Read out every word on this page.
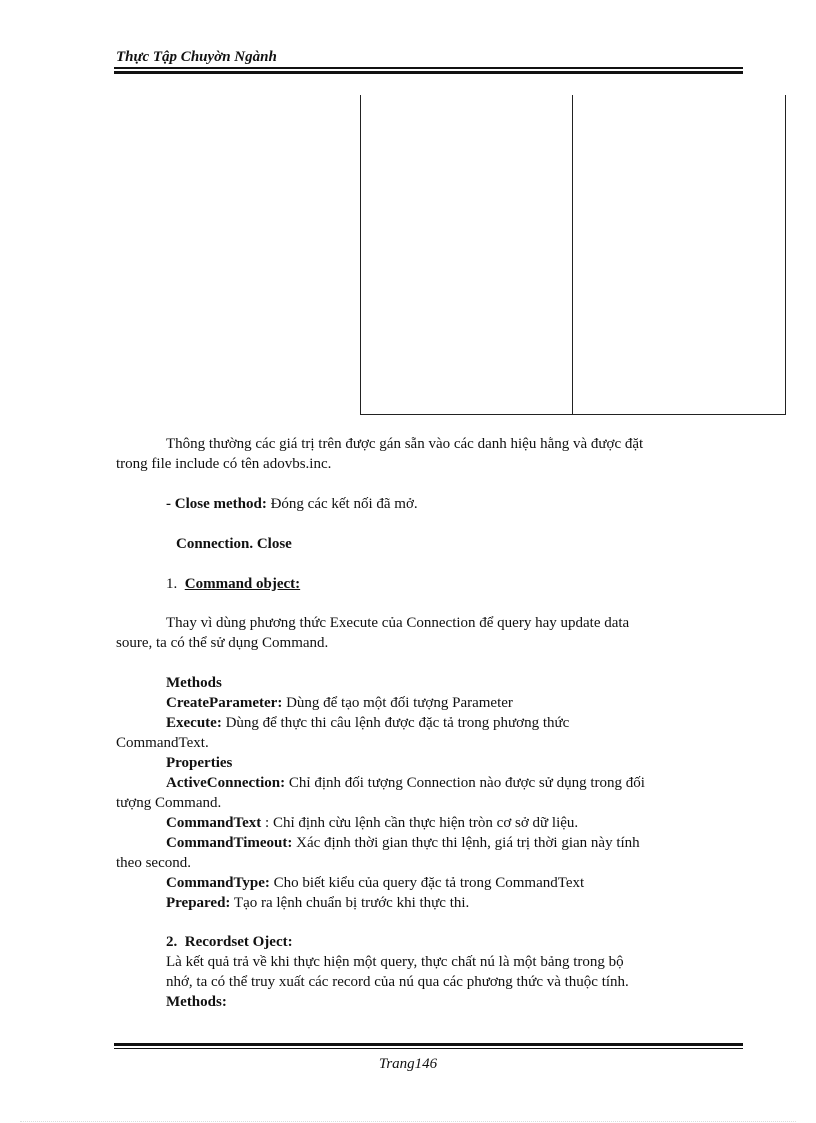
Thực Tập Chuyờn Ngành
Thông thường các giá trị trên được gán sẵn vào các danh hiệu hằng và được đặt
trong file include có tên adovbs.inc.
- Close method: Đóng các kết nối đã mở.
Connection. Close
1. Command object:
Thay vì dùng phương thức Execute của Connection để query hay update data
soure, ta có thể sử dụng Command.
Methods
CreateParameter: Dùng để tạo một đối tượng Parameter
Execute: Dùng để thực thi câu lệnh được đặc tả trong phương thức
CommandText.
Properties
ActiveConnection: Chỉ định đối tượng Connection nào được sử dụng trong đối
tượng Command.
CommandText : Chỉ định cừu lệnh cần thực hiện tròn cơ sở dữ liệu.
CommandTimeout: Xác định thời gian thực thi lệnh, giá trị thời gian này tính
theo second.
CommandType: Cho biết kiểu của query đặc tả trong CommandText
Prepared: Tạo ra lệnh chuẩn bị trước khi thực thi.
2. Recordset Oject:
Là kết quả trả về khi thực hiện một query, thực chất nú là một bảng trong bộ
nhớ, ta có thể truy xuất các record của nú qua các phương thức và thuộc tính.
Methods:
Trang146
